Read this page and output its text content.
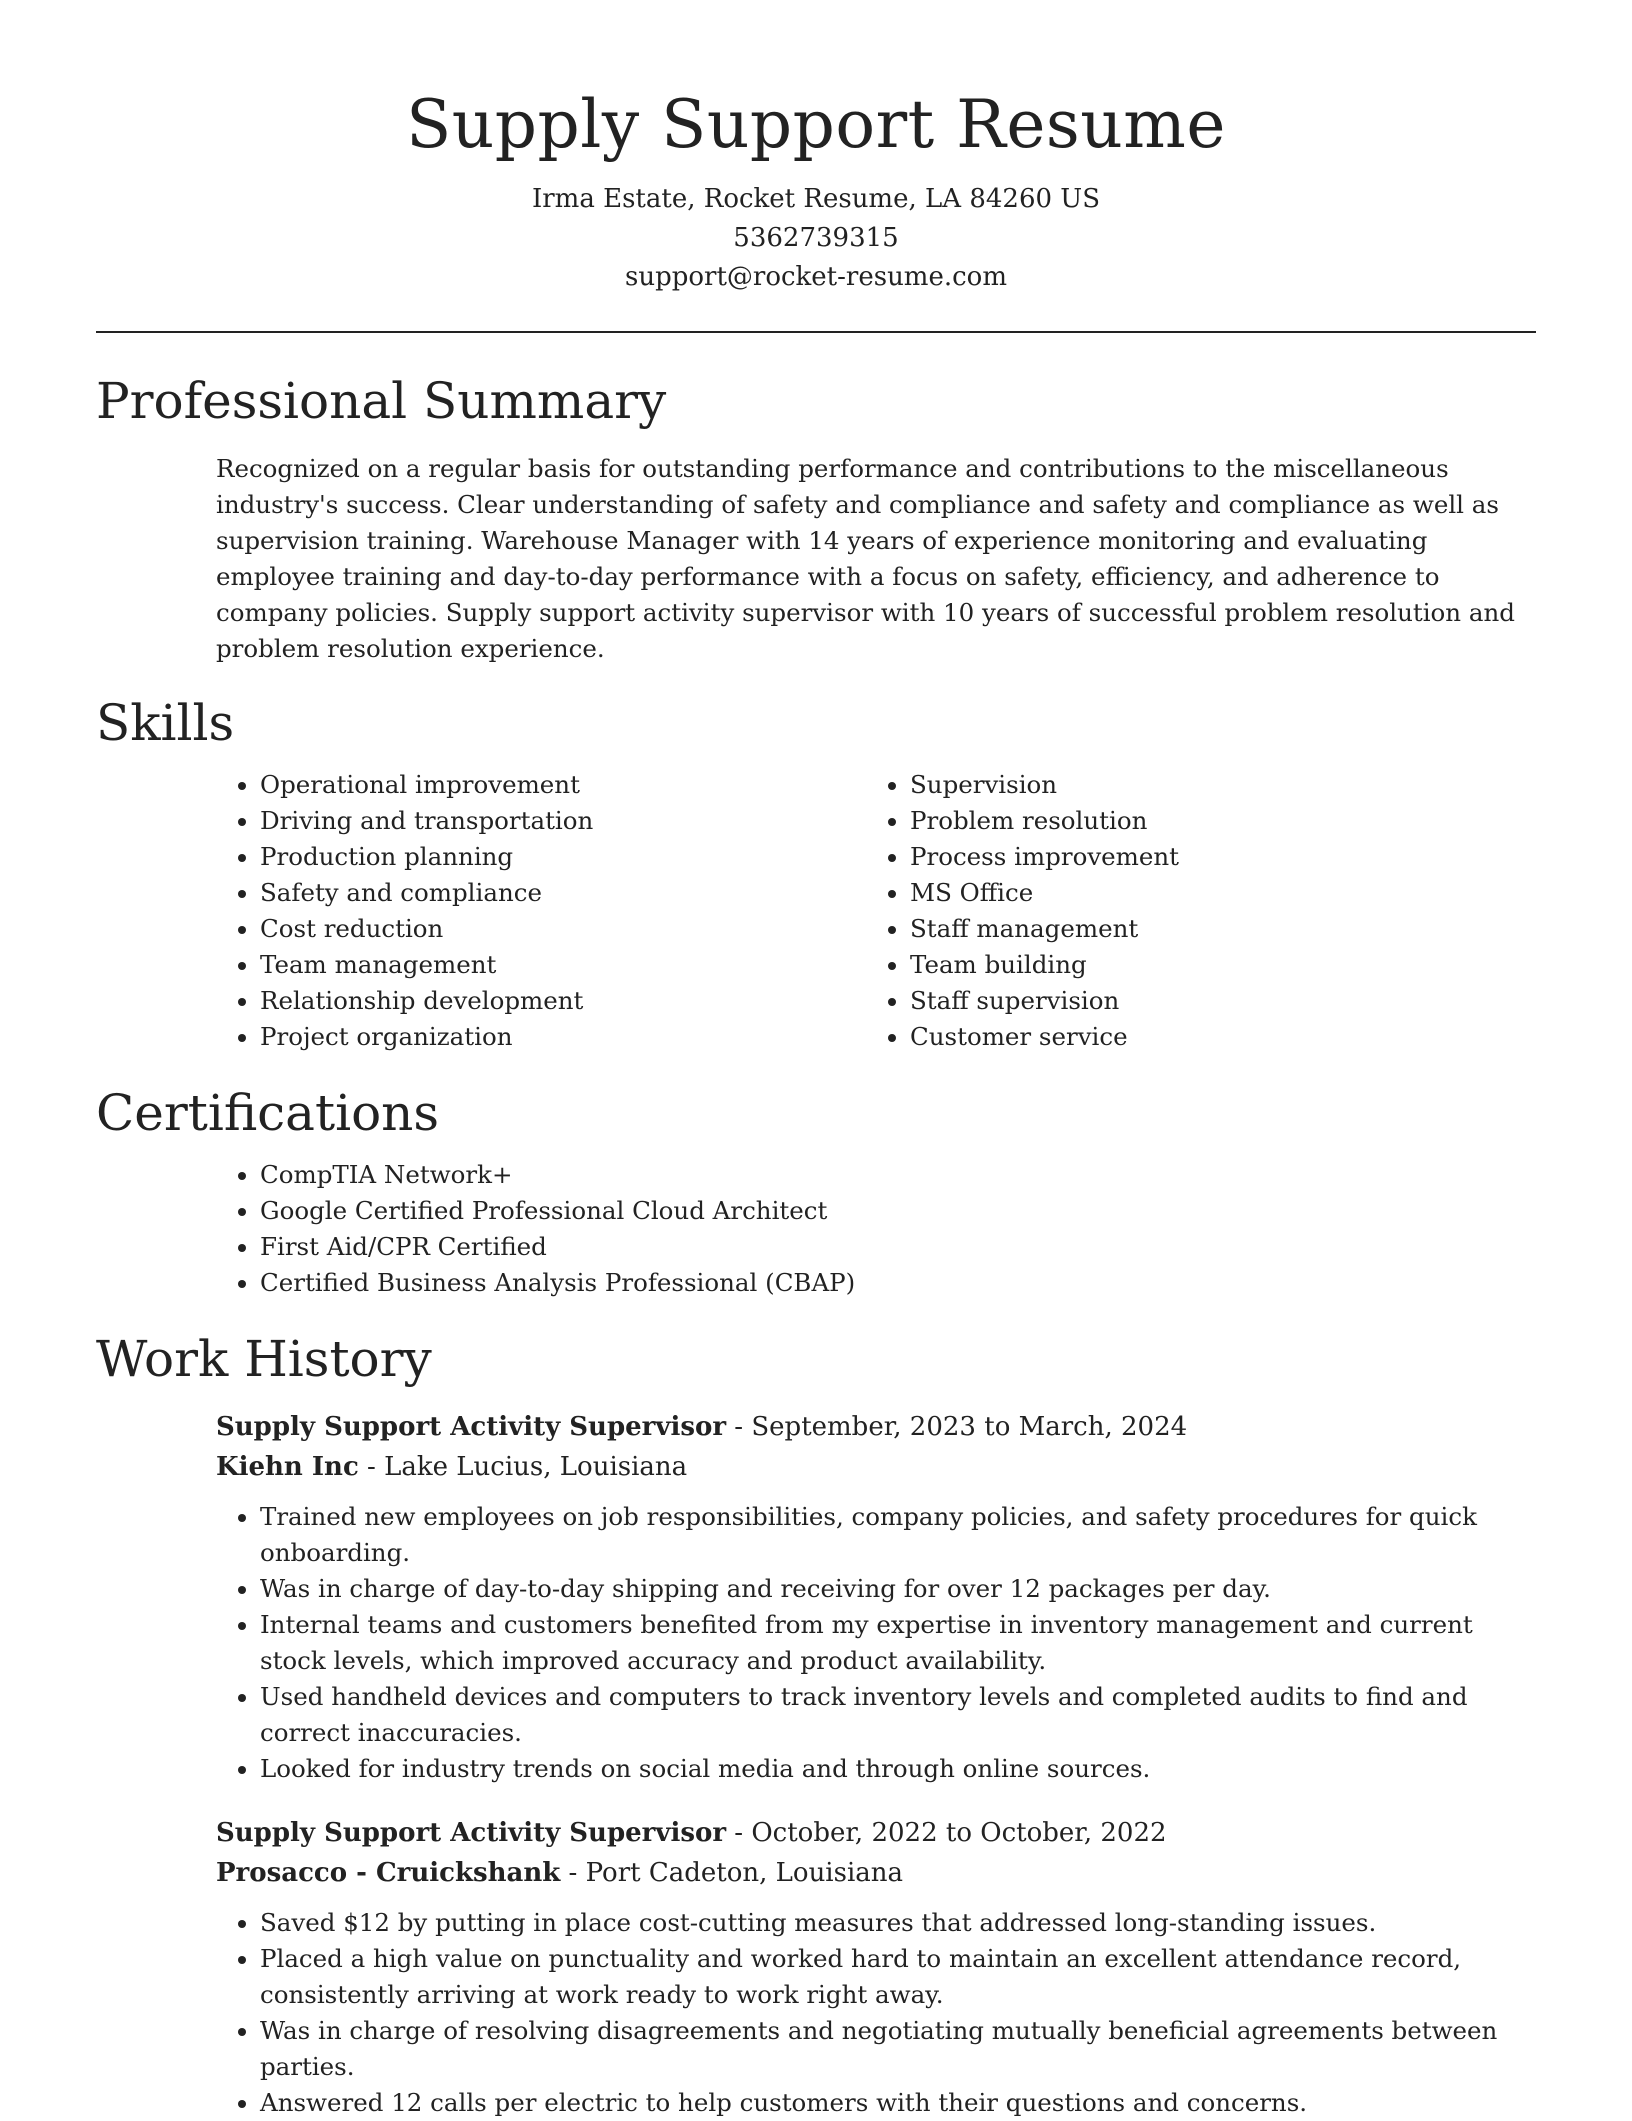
Supply Support Resume
Irma Estate, Rocket Resume, LA 84260 US
5362739315
support@rocket-resume.com
Professional Summary

Recognized on a regular basis for outstanding performance and contributions to the miscellaneous industry's success. Clear understanding of safety and compliance and safety and compliance as well as supervision training. Warehouse Manager with 14 years of experience monitoring and evaluating employee training and day-to-day performance with a focus on safety, efficiency, and adherence to company policies. Supply support activity supervisor with 10 years of successful problem resolution and problem resolution experience.

Skills
• Operational improvement
• Driving and transportation
• Production planning
• Safety and compliance
• Cost reduction
• Team management
• Relationship development
• Project organization
• Supervision
• Problem resolution
• Process improvement
• MS Office
• Staff management
• Team building
• Staff supervision
• Customer service
Certifications
• CompTIA Network+
• Google Certified Professional Cloud Architect
• First Aid/CPR Certified
• Certified Business Analysis Professional (CBAP)
Work History
Supply Support Activity Supervisor - September, 2023 to March, 2024
Kiehn Inc - Lake Lucius, Louisiana
• Trained new employees on job responsibilities, company policies, and safety procedures for quick onboarding.
• Was in charge of day-to-day shipping and receiving for over 12 packages per day.
• Internal teams and customers benefited from my expertise in inventory management and current stock levels, which improved accuracy and product availability.
• Used handheld devices and computers to track inventory levels and completed audits to find and correct inaccuracies.
• Looked for industry trends on social media and through online sources.
Supply Support Activity Supervisor - October, 2022 to October, 2022
Prosacco - Cruickshank - Port Cadeton, Louisiana
• Saved $12 by putting in place cost-cutting measures that addressed long-standing issues.
• Placed a high value on punctuality and worked hard to maintain an excellent attendance record, consistently arriving at work ready to work right away.
• Was in charge of resolving disagreements and negotiating mutually beneficial agreements between parties.
• Answered 12 calls per electric to help customers with their questions and concerns.
